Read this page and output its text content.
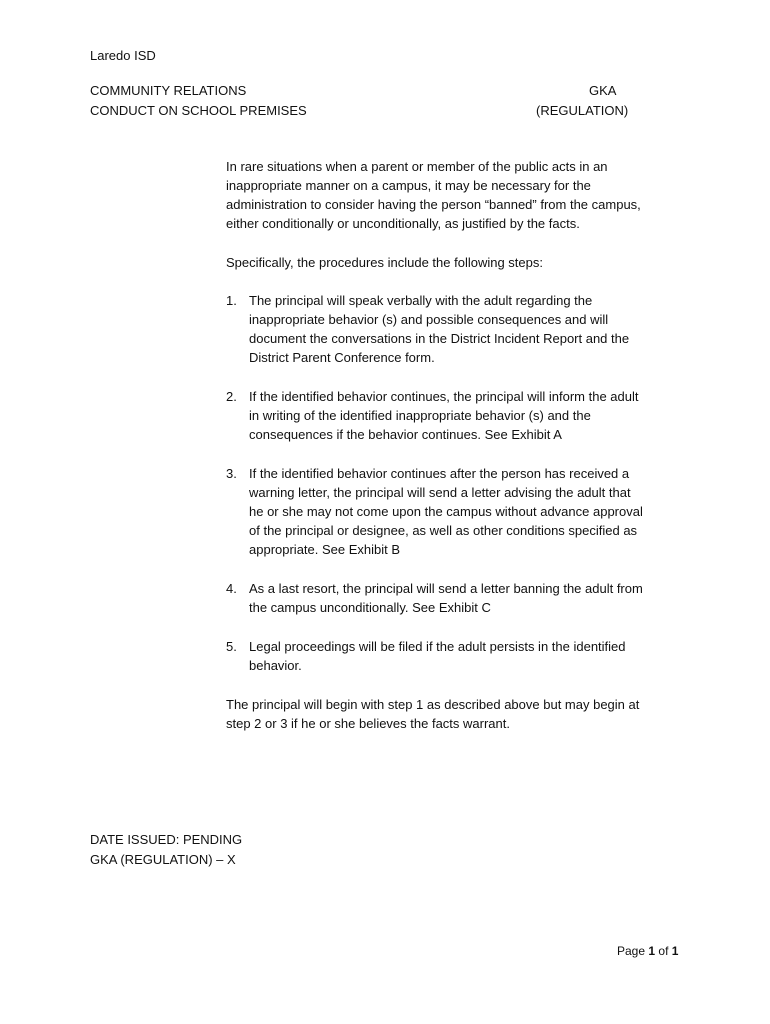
Laredo ISD
COMMUNITY RELATIONS
CONDUCT ON SCHOOL PREMISES
GKA
(REGULATION)

In rare situations when a parent or member of the public acts in an
inappropriate manner on a campus, it may be necessary for the
administration to consider having the person “banned” from the campus,
either conditionally or unconditionally, as justified by the facts.

Specifically, the procedures include the following steps:

1. The principal will speak verbally with the adult regarding the
inappropriate behavior (s) and possible consequences and will
document the conversations in the District Incident Report and the
District Parent Conference form.
2. If the identified behavior continues, the principal will inform the adult
in writing of the identified inappropriate behavior (s) and the
consequences if the behavior continues. See Exhibit A
3. If the identified behavior continues after the person has received a
warning letter, the principal will send a letter advising the adult that
he or she may not come upon the campus without advance approval
of the principal or designee, as well as other conditions specified as
appropriate. See Exhibit B
4. As a last resort, the principal will send a letter banning the adult from
the campus unconditionally. See Exhibit C
5. Legal proceedings will be filed if the adult persists in the identified
behavior.

The principal will begin with step 1 as described above but may begin at
step 2 or 3 if he or she believes the facts warrant.

DATE ISSUED: PENDING
GKA (REGULATION) – X
Page 1 of 1
